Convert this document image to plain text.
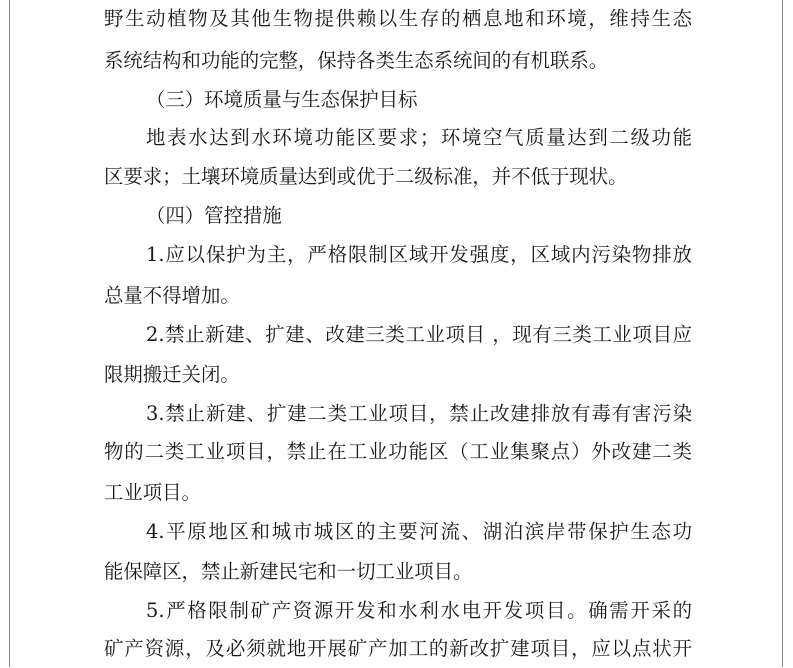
野生动植物及其他生物提供赖以生存的栖息地和环境，维持生态
系统结构和功能的完整，保持各类生态系统间的有机联系。
（三）环境质量与生态保护目标
地表水达到水环境功能区要求；环境空气质量达到二级功能
区要求；土壤环境质量达到或优于二级标准，并不低于现状。
（四）管控措施
1.应以保护为主，严格限制区域开发强度，区域内污染物排放
总量不得增加。
2.禁止新建、扩建、改建三类工业项目 ，现有三类工业项目应
限期搬迁关闭。
3.禁止新建、扩建二类工业项目，禁止改建排放有毒有害污染
物的二类工业项目，禁止在工业功能区（工业集聚点）外改建二类
工业项目。
4.平原地区和城市城区的主要河流、湖泊滨岸带保护生态功
能保障区，禁止新建民宅和一切工业项目。
5.严格限制矿产资源开发和水利水电开发项目。确需开采的
矿产资源，及必须就地开展矿产加工的新改扩建项目，应以点状开
